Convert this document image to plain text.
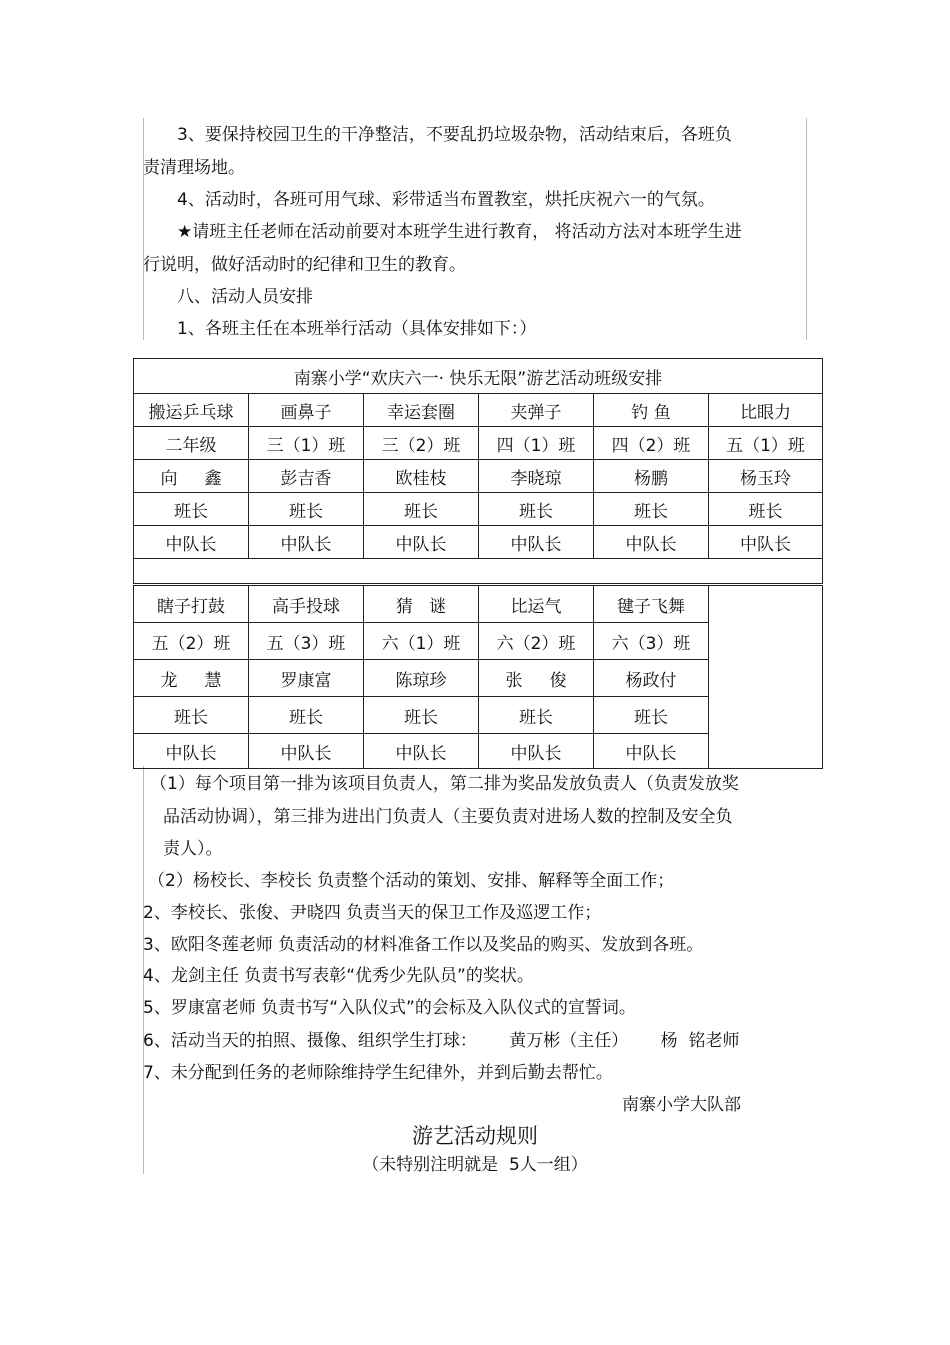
3、要保持校园卫生的干净整洁，不要乱扔垃圾杂物，活动结束后，各班负
责清理场地。
4、活动时，各班可用气球、彩带适当布置教室，烘托庆祝六一的气氛。
★请班主任老师在活动前要对本班学生进行教育， 将活动方法对本班学生进
行说明，做好活动时的纪律和卫生的教育。
八、活动人员安排
1、各班主任在本班举行活动（具体安排如下：）
南寨小学“欢庆六一· 快乐无限”游艺活动班级安排					
搬运乒乓球	画鼻子	幸运套圈	夹弹子	钓 鱼	比眼力
二年级	三（1）班	三（2）班	四（1）班	四（2）班	五（1）班
向     鑫	彭吉香	欧桂枝	李晓琼	杨鹏	杨玉玲
班长	班长	班长	班长	班长	班长
中队长	中队长	中队长	中队长	中队长	中队长

瞎子打鼓	高手投球	猜   谜	比运气	毽子飞舞	
五（2）班	五（3）班	六（1）班	六（2）班	六（3）班	
龙     慧	罗康富	陈琼珍	张     俊	杨政付	
班长	班长	班长	班长	班长	
中队长	中队长	中队长	中队长	中队长	
（1）每个项目第一排为该项目负责人，第二排为奖品发放负责人（负责发放奖
品活动协调），第三排为进出门负责人（主要负责对进场人数的控制及安全负
责人）。
（2）杨校长、李校长 负责整个活动的策划、安排、解释等全面工作；
2、李校长、张俊、尹晓四 负责当天的保卫工作及巡逻工作；
3、欧阳冬莲老师 负责活动的材料准备工作以及奖品的购买、发放到各班。
4、龙剑主任 负责书写表彰“优秀少先队员”的奖状。
5、罗康富老师 负责书写“入队仪式”的会标及入队仪式的宣誓词。
6、活动当天的拍照、摄像、组织学生打球：      黄万彬（主任）      杨  铭老师
7、未分配到任务的老师除维持学生纪律外，并到后勤去帮忙。
南寨小学大队部
游艺活动规则
（未特别注明就是  5人一组）
